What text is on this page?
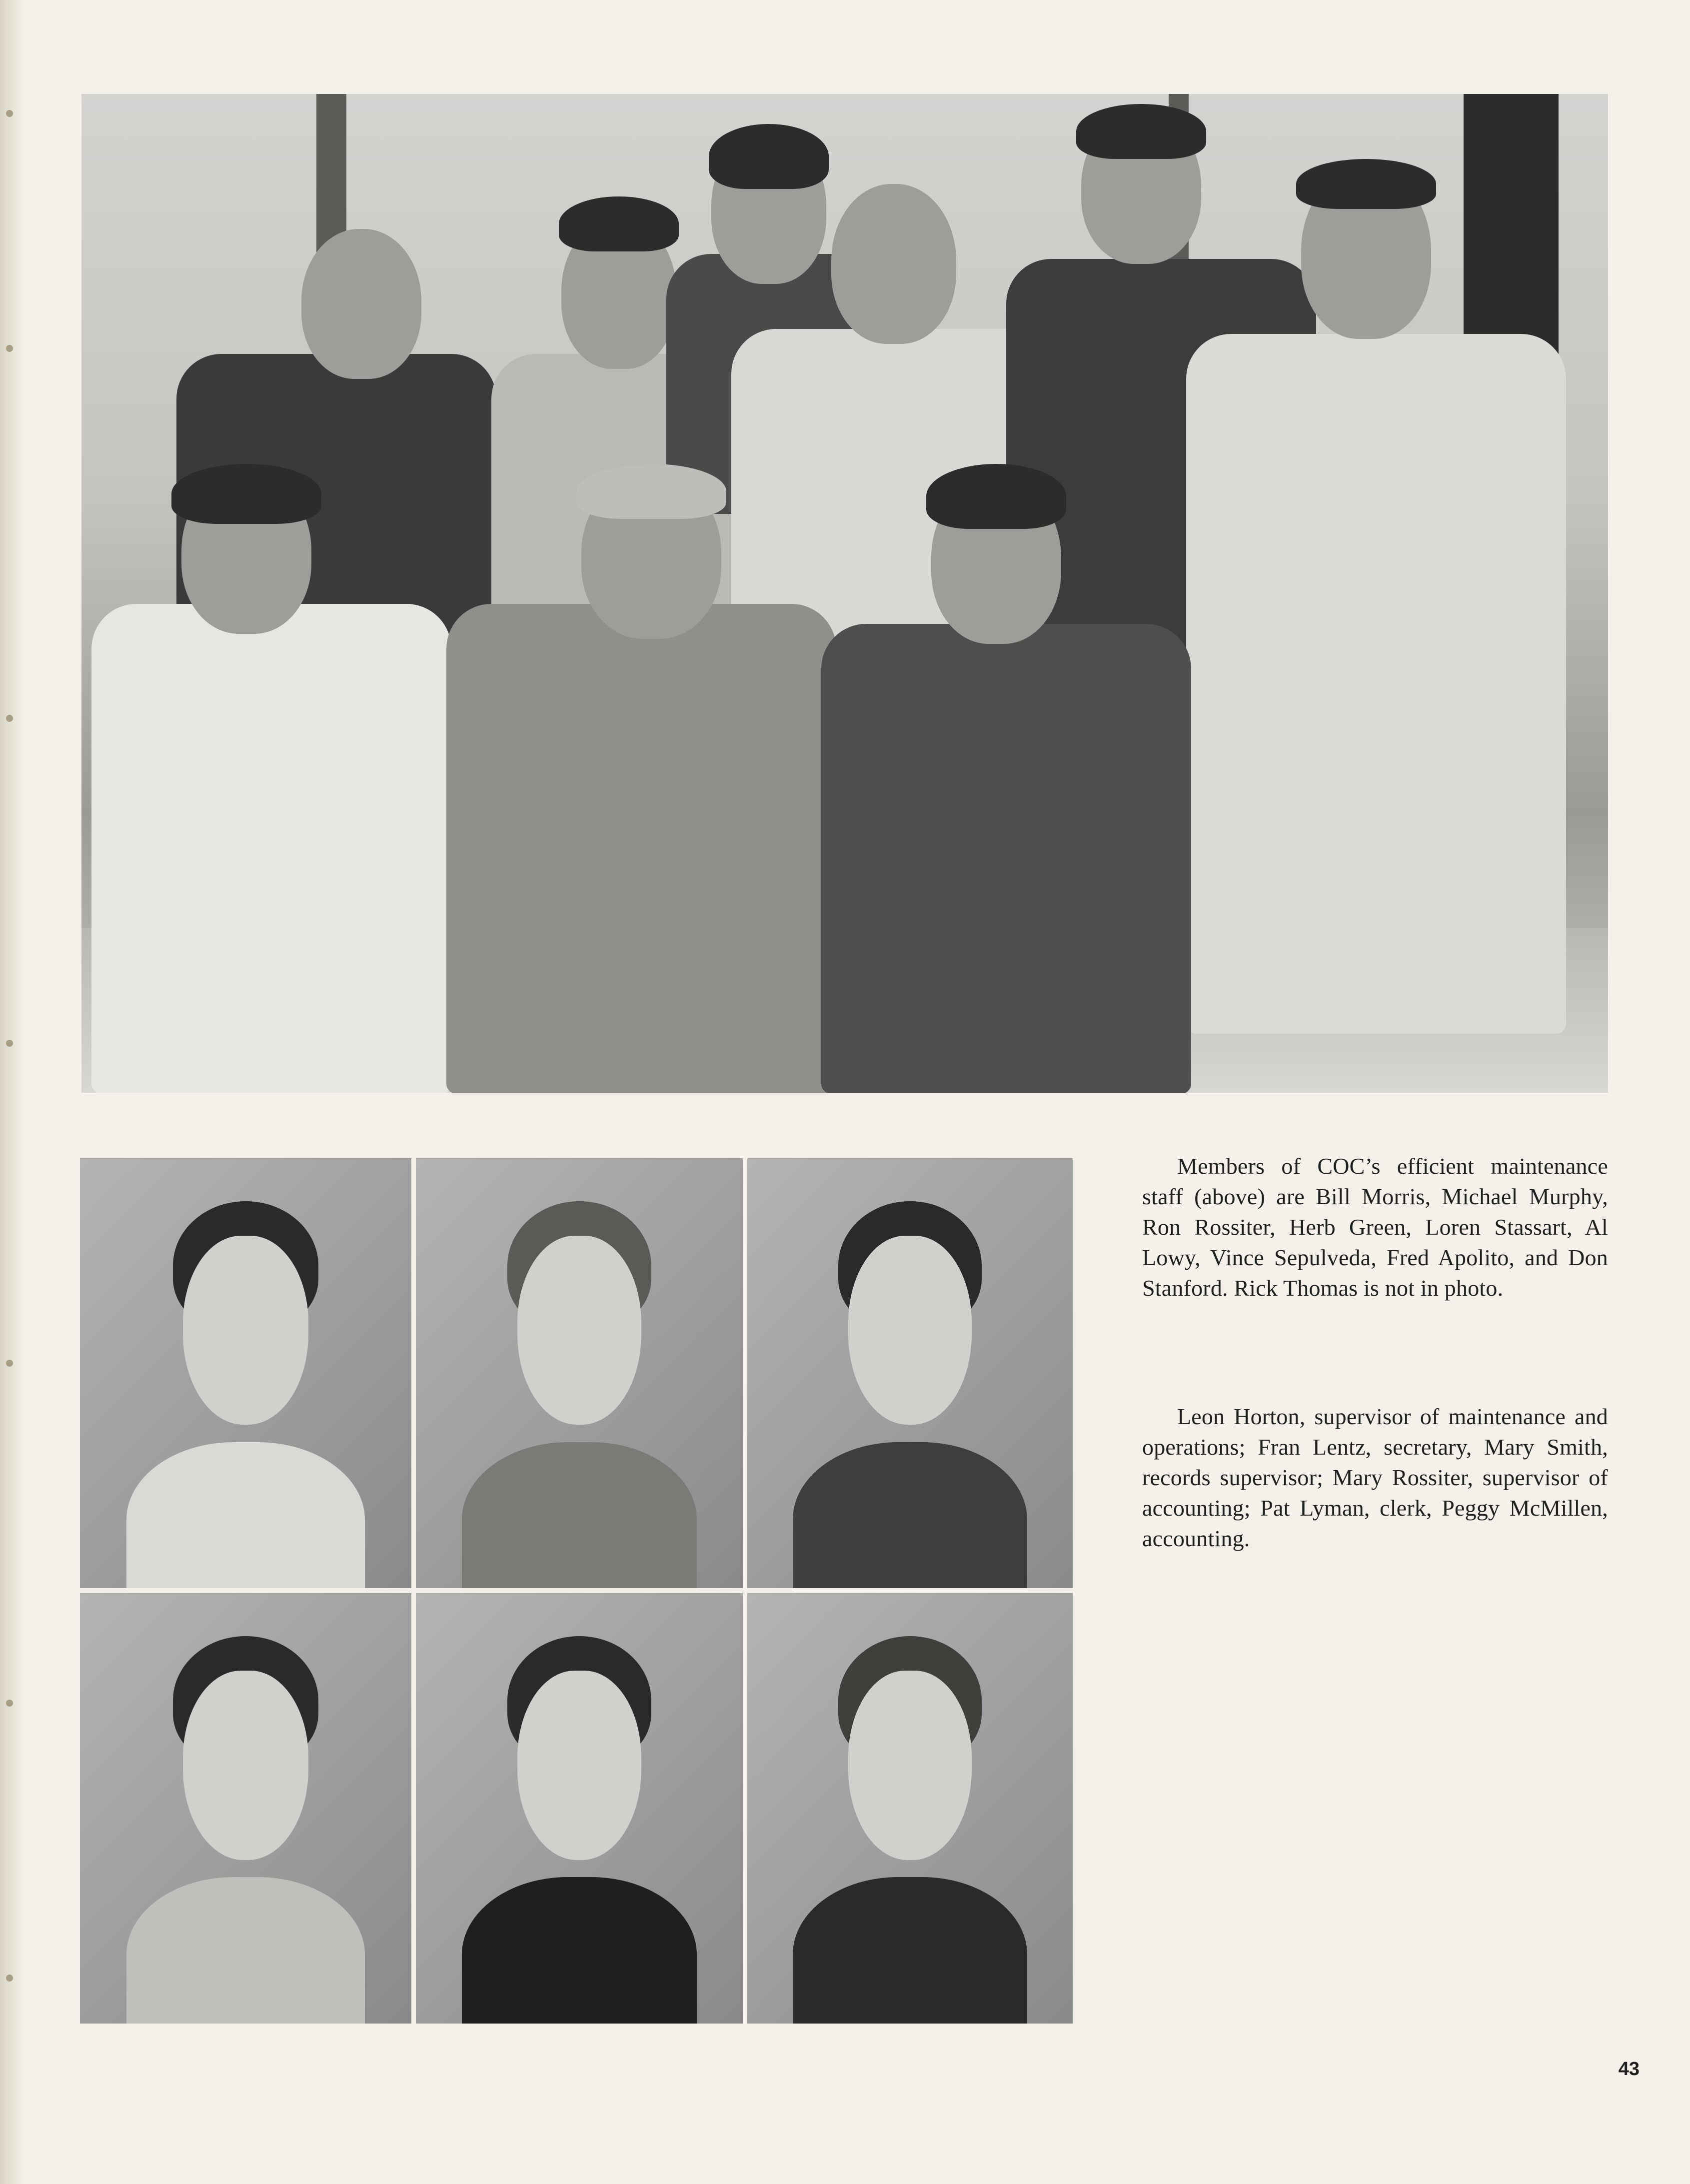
Members of COC’s efficient maintenance staff (above) are Bill Morris, Michael Murphy, Ron Rossiter, Herb Green, Loren Stassart, Al Lowy, Vince Sepulveda, Fred Apolito, and Don Stanford. Rick Thomas is not in photo.

Leon Horton, supervisor of maintenance and operations; Fran Lentz, secretary, Mary Smith, records supervisor; Mary Rossiter, supervisor of accounting; Pat Lyman, clerk, Peggy McMillen, accounting.

43
